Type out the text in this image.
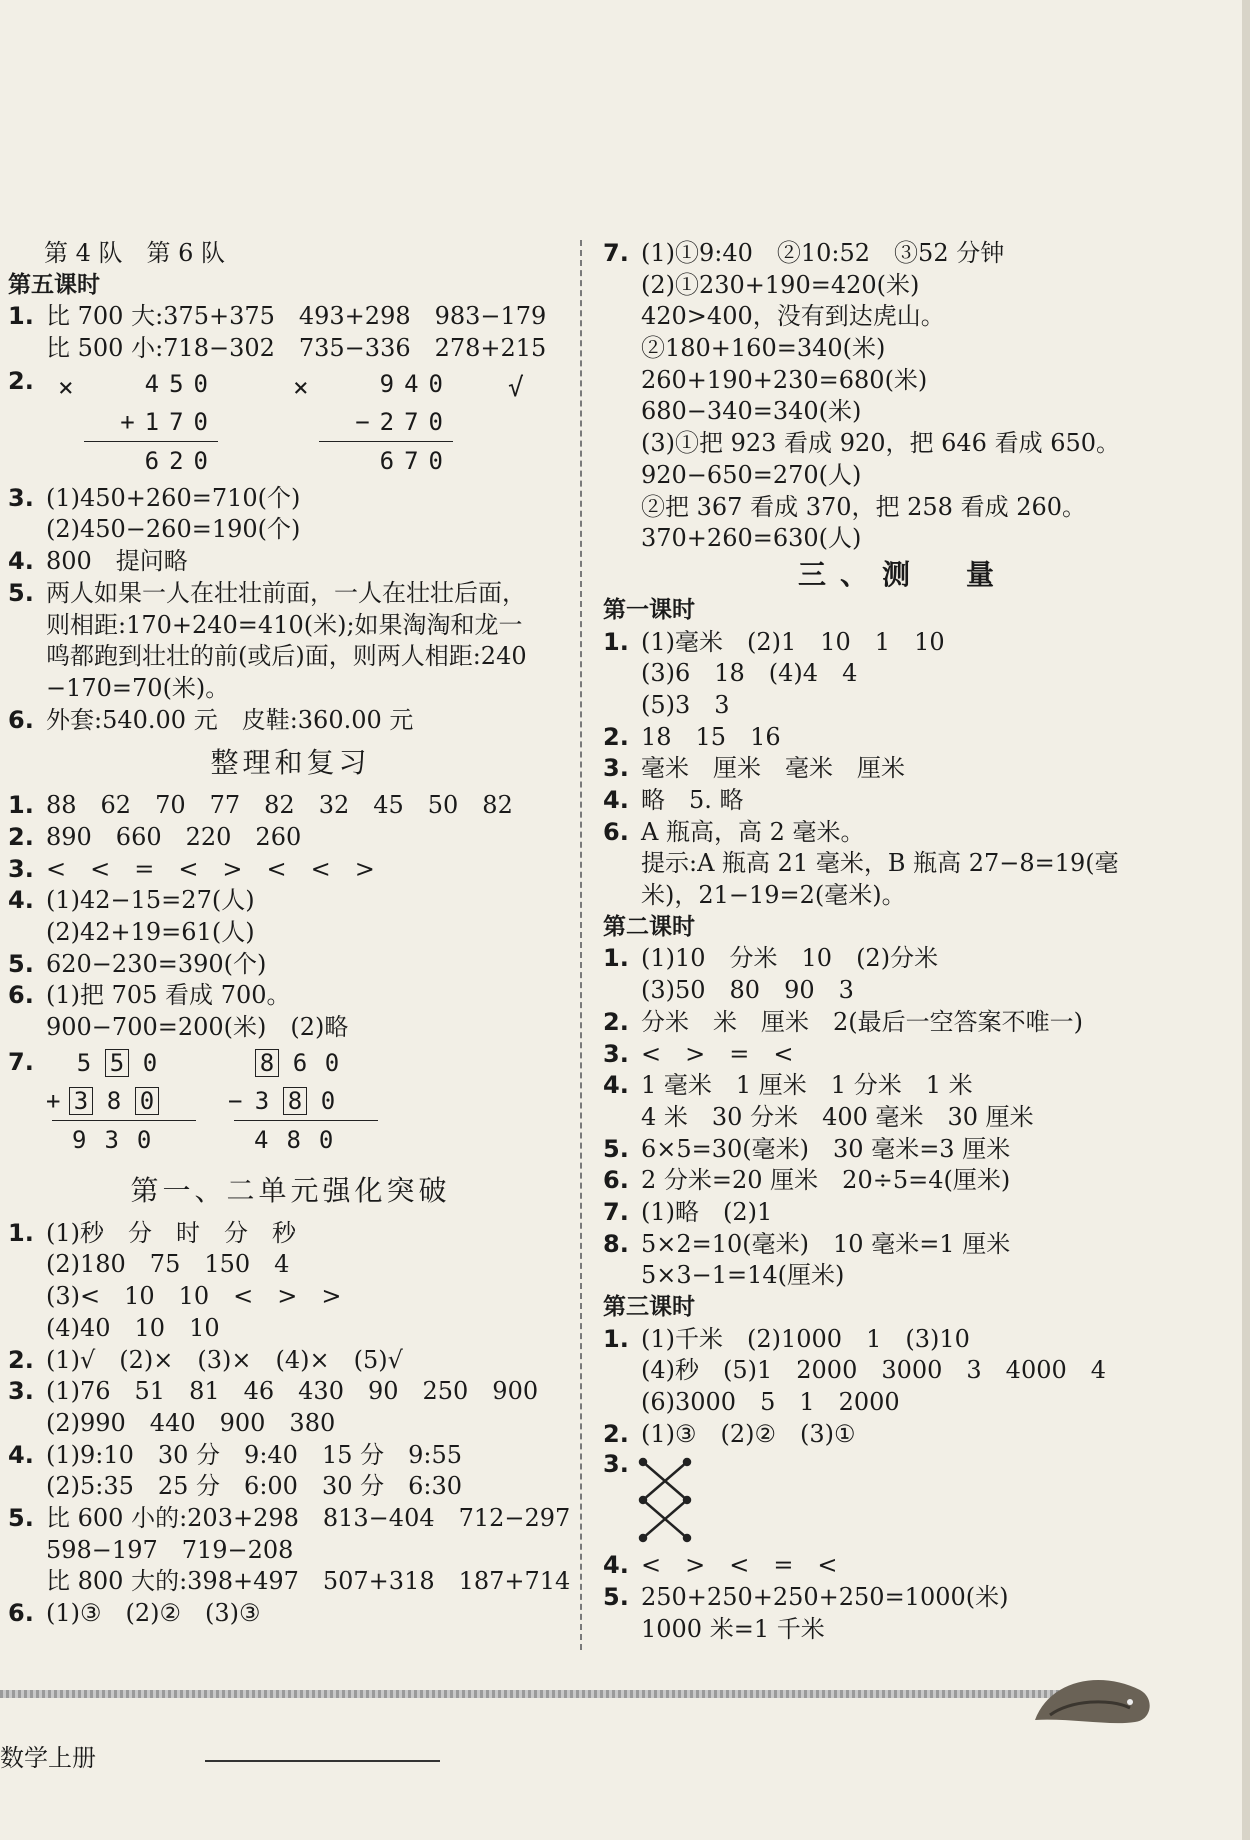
第 4 队　第 6 队
第五课时
1. 比 700 大:375+375　493+298　983−179
比 500 小:718−302　735−336　278+215
2. ×	450
+170
620
×	940
−270
670
√
3. (1)450+260=710(个)
(2)450−260=190(个)
4. 800　提问略
5. 两人如果一人在壮壮前面，一人在壮壮后面，
则相距:170+240=410(米);如果淘淘和龙一
鸣都跑到壮壮的前(或后)面，则两人相距:240
−170=70(米)。
6. 外套:540.00 元　皮鞋:360.00 元
整理和复习
1. 88　62　70　77　82　32　45　50　82
2. 890　660　220　260
3. <　<　=　<　>　<　<　>
4. (1)42−15=27(人)
(2)42+19=61(人)
5. 620−230=390(个)
6. (1)把 705 看成 700。
900−700=200(米)　(2)略
7.	5 5 0
+ 3 8 0
930
8 6 0
− 3 8 0
480
第一、二单元强化突破
1. (1)秒　分　时　分　秒
(2)180　75　150　4
(3)<　10　10　<　>　>
(4)40　10　10
2. (1)√　(2)×　(3)×　(4)×　(5)√
3. (1)76　51　81　46　430　90　250　900
(2)990　440　900　380
4. (1)9:10　30 分　9:40　15 分　9:55
(2)5:35　25 分　6:00　30 分　6:30
5. 比 600 小的:203+298　813−404　712−297
598−197　719−208
比 800 大的:398+497　507+318　187+714
6. (1)③　(2)②　(3)③
7. (1)①9:40　②10:52　③52 分钟
(2)①230+190=420(米)
420>400，没有到达虎山。
②180+160=340(米)
260+190+230=680(米)
680−340=340(米)
(3)①把 923 看成 920，把 646 看成 650。
920−650=270(人)
②把 367 看成 370，把 258 看成 260。
370+260=630(人)
三、测　量
第一课时
1. (1)毫米　(2)1　10　1　10
(3)6　18　(4)4　4
(5)3　3
2. 18　15　16
3. 毫米　厘米　毫米　厘米
4. 略　5. 略
6. A 瓶高，高 2 毫米。
提示:A 瓶高 21 毫米，B 瓶高 27−8=19(毫
米)，21−19=2(毫米)。
第二课时
1. (1)10　分米　10　(2)分米
(3)50　80　90　3
2. 分米　米　厘米　2(最后一空答案不唯一)
3. <　>　=　<
4. 1 毫米　1 厘米　1 分米　1 米
4 米　30 分米　400 毫米　30 厘米
5. 6×5=30(毫米)　30 毫米=3 厘米
6. 2 分米=20 厘米　20÷5=4(厘米)
7. (1)略　(2)1
8. 5×2=10(毫米)　10 毫米=1 厘米
5×3−1=14(厘米)
第三课时
1. (1)千米　(2)1000　1　(3)10
(4)秒　(5)1　2000　3000　3　4000　4
(6)3000　5　1　2000
2. (1)③　(2)②　(3)①
3.
4. <　>　<　=　<
5. 250+250+250+250=1000(米)
1000 米=1 千米
数学上册
